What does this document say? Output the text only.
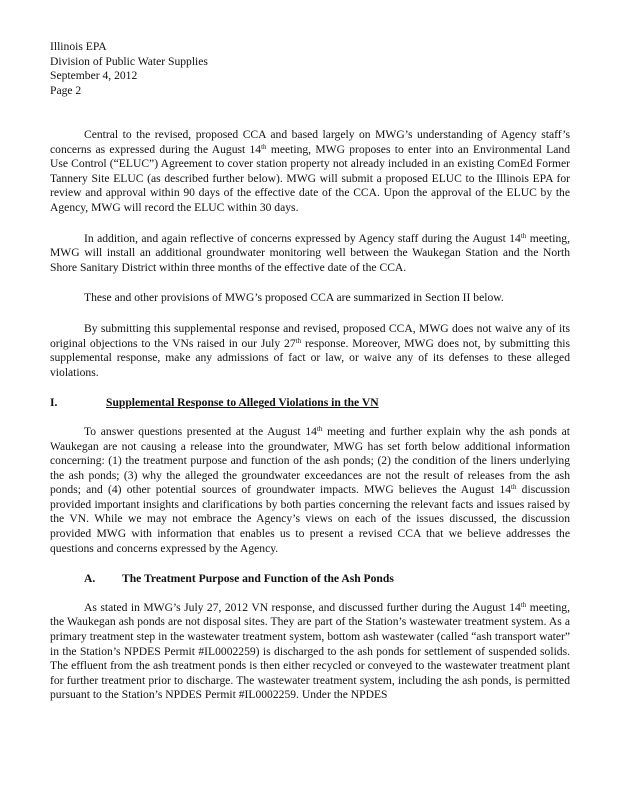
Illinois EPA
Division of Public Water Supplies
September 4, 2012
Page 2

Central to the revised, proposed CCA and based largely on MWG’s understanding of Agency staff’s concerns as expressed during the August 14th meeting, MWG proposes to enter into an Environmental Land Use Control (“ELUC”) Agreement to cover station property not already included in an existing ComEd Former Tannery Site ELUC (as described further below). MWG will submit a proposed ELUC to the Illinois EPA for review and approval within 90 days of the effective date of the CCA. Upon the approval of the ELUC by the Agency, MWG will record the ELUC within 30 days.

In addition, and again reflective of concerns expressed by Agency staff during the August 14th meeting, MWG will install an additional groundwater monitoring well between the Waukegan Station and the North Shore Sanitary District within three months of the effective date of the CCA.

These and other provisions of MWG’s proposed CCA are summarized in Section II below.

By submitting this supplemental response and revised, proposed CCA, MWG does not waive any of its original objections to the VNs raised in our July 27th response. Moreover, MWG does not, by submitting this supplemental response, make any admissions of fact or law, or waive any of its defenses to these alleged violations.

I.	Supplemental Response to Alleged Violations in the VN

To answer questions presented at the August 14th meeting and further explain why the ash ponds at Waukegan are not causing a release into the groundwater, MWG has set forth below additional information concerning: (1) the treatment purpose and function of the ash ponds; (2) the condition of the liners underlying the ash ponds; (3) why the alleged the groundwater exceedances are not the result of releases from the ash ponds; and (4) other potential sources of groundwater impacts. MWG believes the August 14th discussion provided important insights and clarifications by both parties concerning the relevant facts and issues raised by the VN. While we may not embrace the Agency’s views on each of the issues discussed, the discussion provided MWG with information that enables us to present a revised CCA that we believe addresses the questions and concerns expressed by the Agency.

A. The Treatment Purpose and Function of the Ash Ponds

As stated in MWG’s July 27, 2012 VN response, and discussed further during the August 14th meeting, the Waukegan ash ponds are not disposal sites. They are part of the Station’s wastewater treatment system. As a primary treatment step in the wastewater treatment system, bottom ash wastewater (called “ash transport water” in the Station’s NPDES Permit #IL0002259) is discharged to the ash ponds for settlement of suspended solids. The effluent from the ash treatment ponds is then either recycled or conveyed to the wastewater treatment plant for further treatment prior to discharge. The wastewater treatment system, including the ash ponds, is permitted pursuant to the Station’s NPDES Permit #IL0002259. Under the NPDES
